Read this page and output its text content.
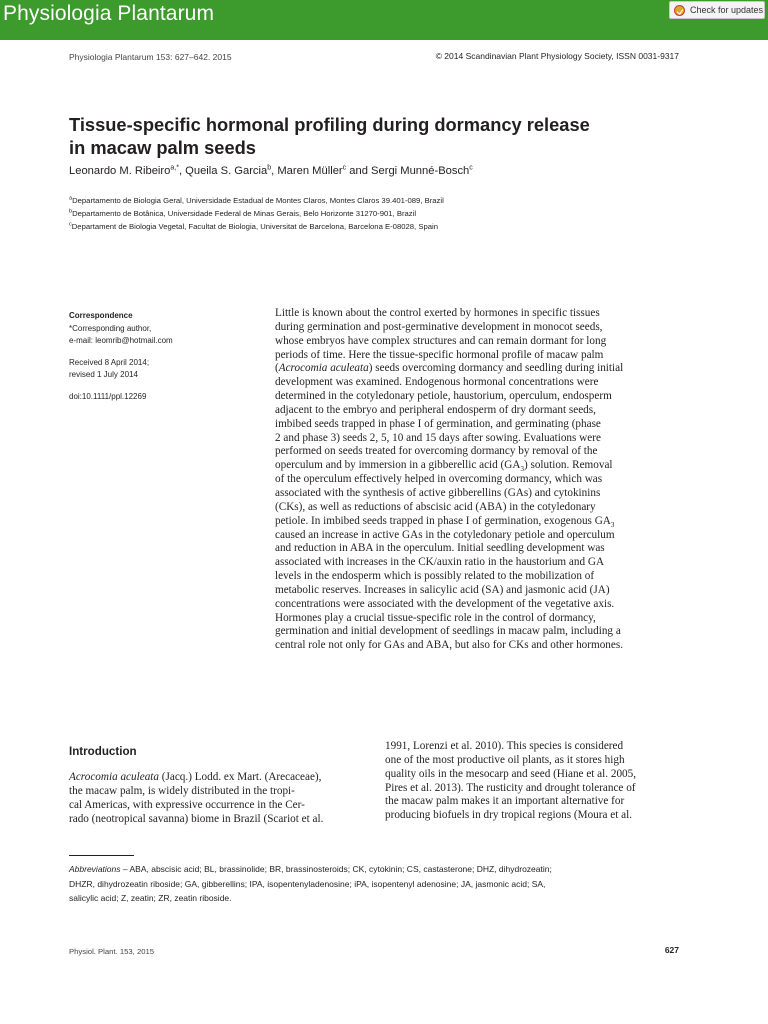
Physiologia Plantarum
An International Journal for Plant Biology
Check for updates
Physiologia Plantarum 153: 627–642. 2015	© 2014 Scandinavian Plant Physiology Society, ISSN 0031-9317
Tissue-specific hormonal profiling during dormancy release
in macaw palm seeds
Leonardo M. Ribeiro$^{a,*}$, Queila S. Garcia$^b$, Maren Müller$^c$ and Sergi Munné-Bosch$^c$
$^a$Departamento de Biologia Geral, Universidade Estadual de Montes Claros, Montes Claros 39.401-089, Brazil
$^b$Departamento de Botânica, Universidade Federal de Minas Gerais, Belo Horizonte 31270-901, Brazil
$^c$Departament de Biologia Vegetal, Facultat de Biologia, Universitat de Barcelona, Barcelona E-08028, Spain
Correspondence
*Corresponding author,
e-mail: leomrib@hotmail.com
Received 8 April 2014;
revised 1 July 2014
doi:10.1111/ppl.12269
Little is known about the control exerted by hormones in specific tissues
during germination and post-germinative development in monocot seeds,
whose embryos have complex structures and can remain dormant for long
periods of time. Here the tissue-specific hormonal profile of macaw palm
(Acrocomia aculeata) seeds overcoming dormancy and seedling during initial
development was examined. Endogenous hormonal concentrations were
determined in the cotyledonary petiole, haustorium, operculum, endosperm
adjacent to the embryo and peripheral endosperm of dry dormant seeds,
imbibed seeds trapped in phase I of germination, and germinating (phase
2 and phase 3) seeds 2, 5, 10 and 15 days after sowing. Evaluations were
performed on seeds treated for overcoming dormancy by removal of the
operculum and by immersion in a gibberellic acid $(GA_3)$ solution. Removal
of the operculum effectively helped in overcoming dormancy, which was
associated with the synthesis of active gibberellins (GAs) and cytokinins
(CKs), as well as reductions of abscisic acid (ABA) in the cotyledonary
petiole. In imbibed seeds trapped in phase I of germination, exogenous $GA_3$
caused an increase in active GAs in the cotyledonary petiole and operculum
and reduction in ABA in the operculum. Initial seedling development was
associated with increases in the CK/auxin ratio in the haustorium and GA
levels in the endosperm which is possibly related to the mobilization of
metabolic reserves. Increases in salicylic acid (SA) and jasmonic acid (JA)
concentrations were associated with the development of the vegetative axis.
Hormones play a crucial tissue-specific role in the control of dormancy,
germination and initial development of seedlings in macaw palm, including a
central role not only for GAs and ABA, but also for CKs and other hormones.
Introduction
Acrocomia aculeata (Jacq.) Lodd. ex Mart. (Arecaceae),
the macaw palm, is widely distributed in the tropi-
cal Americas, with expressive occurrence in the Cer-
rado (neotropical savanna) biome in Brazil (Scariot et al.
1991, Lorenzi et al. 2010). This species is considered
one of the most productive oil plants, as it stores high
quality oils in the mesocarp and seed (Hiane et al. 2005,
Pires et al. 2013). The rusticity and drought tolerance of
the macaw palm makes it an important alternative for
producing biofuels in dry tropical regions (Moura et al.
Abbreviations – ABA, abscisic acid; BL, brassinolide; BR, brassinosteroids; CK, cytokinin; CS, castasterone; DHZ, dihydrozeatin;
DHZR, dihydrozeatin riboside; GA, gibberellins; IPA, isopentenyladenosine; iPA, isopentenyl adenosine; JA, jasmonic acid; SA,
salicylic acid; Z, zeatin; ZR, zeatin riboside.
Physiol. Plant. 153, 2015	627
